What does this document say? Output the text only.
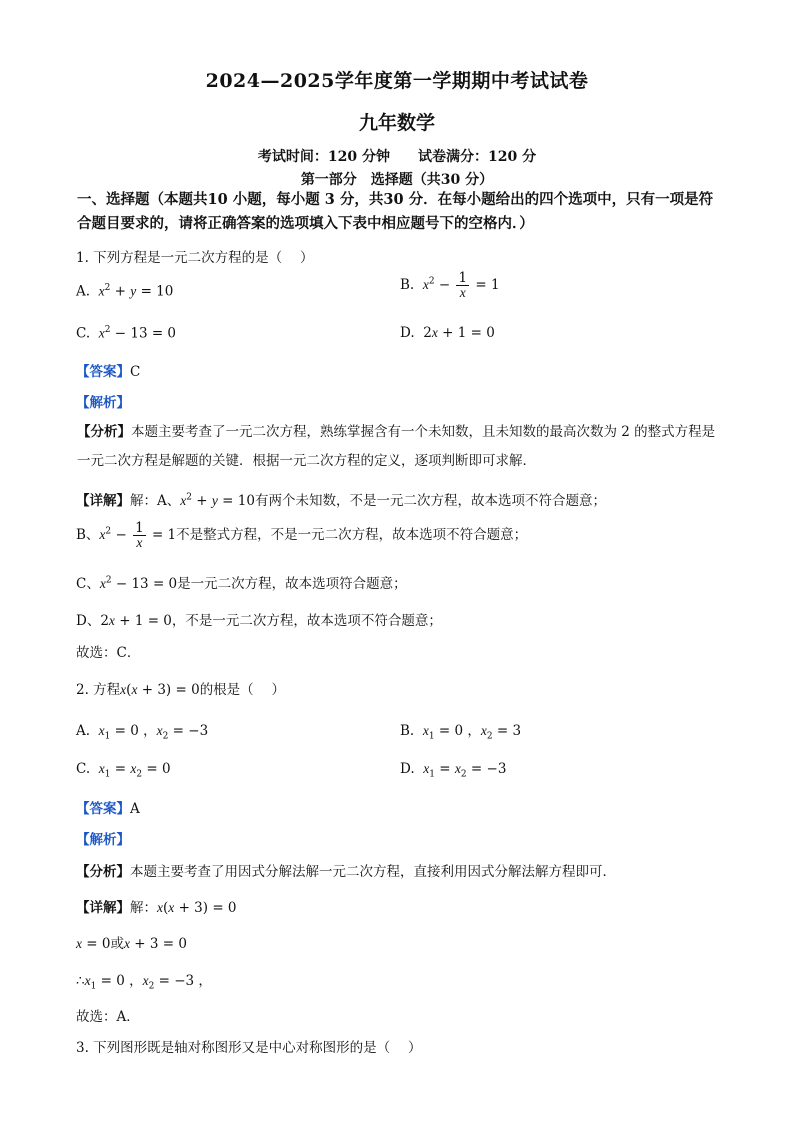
2024—2025学年度第一学期期中考试试卷
九年数学
考试时间：120 分钟 试卷满分：120 分
第一部分　选择题（共30 分）
一、选择题（本题共10 小题，每小题 3 分，共30 分．在每小题给出的四个选项中，只有一项是符合题目要求的，请将正确答案的选项填入下表中相应题号下的空格内．）
1. 下列方程是一元二次方程的是（　 ）
A. $x^2 + y = 10$	B. $x^2 - \frac{1}{x} = 1$
C. $x^2 - 13 = 0$	D.  2x + 1 = 0
【答案】C
【解析】
【分析】本题主要考查了一元二次方程，熟练掌握含有一个未知数，且未知数的最高次数为 2 的整式方程是一元二次方程是解题的关键．根据一元二次方程的定义，逐项判断即可求解．
【详解】解：A、$x^2 + y = 10$有两个未知数，不是一元二次方程，故本选项不符合题意；
B、$x^2 - \frac{1}{x} = 1$不是整式方程，不是一元二次方程，故本选项不符合题意；
C、$x^2 - 13 = 0$是一元二次方程，故本选项符合题意；
D、2x + 1 = 0，不是一元二次方程，故本选项不符合题意；
故选：C．
2. 方程x(x + 3) = 0的根是（　 ）
A. $x_1 = 0$ ，$x_2 = -3$	B. $x_1 = 0$ ，$x_2 = 3$
C. $x_1 = x_2 = 0$	D. $x_1 = x_2 = -3$
【答案】A
【解析】
【分析】本题主要考查了用因式分解法解一元二次方程，直接利用因式分解法解方程即可．
【详解】解：x(x + 3) = 0
x = 0或x + 3 = 0
$\therefore x_1 = 0$ ，$x_2 = -3$ ，
故选：A．
3. 下列图形既是轴对称图形又是中心对称图形的是（　 ）
